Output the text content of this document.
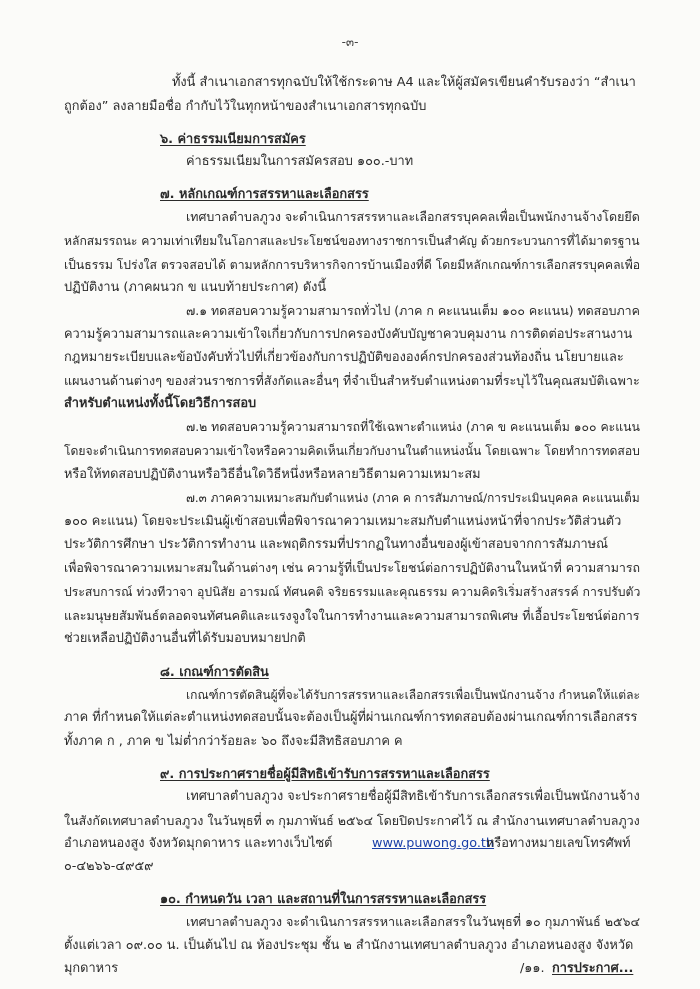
-๓-
ทั้งนี้ สำเนาเอกสารทุกฉบับให้ใช้กระดาษ A4 และให้ผู้สมัครเขียนคำรับรองว่า “สำเนา
ถูกต้อง” ลงลายมือชื่อ กำกับไว้ในทุกหน้าของสำเนาเอกสารทุกฉบับ
๖. ค่าธรรมเนียมการสมัคร
ค่าธรรมเนียมในการสมัครสอบ ๑๐๐.-บาท
๗. หลักเกณฑ์การสรรหาและเลือกสรร
เทศบาลตำบลภูวง จะดำเนินการสรรหาและเลือกสรรบุคคลเพื่อเป็นพนักงานจ้างโดยยึด
หลักสมรรถนะ ความเท่าเทียมในโอกาสและประโยชน์ของทางราชการเป็นสำคัญ ด้วยกระบวนการที่ได้มาตรฐาน
เป็นธรรม โปร่งใส ตรวจสอบได้ ตามหลักการบริหารกิจการบ้านเมืองที่ดี โดยมีหลักเกณฑ์การเลือกสรรบุคคลเพื่อ
ปฏิบัติงาน (ภาคผนวก ข แนบท้ายประกาศ) ดังนี้
๗.๑ ทดสอบความรู้ความสามารถทั่วไป (ภาค ก คะแนนเต็ม ๑๐๐ คะแนน) ทดสอบภาค
ความรู้ความสามารถและความเข้าใจเกี่ยวกับการปกครองบังคับบัญชาควบคุมงาน การติดต่อประสานงาน
กฎหมายระเบียบและข้อบังคับทั่วไปที่เกี่ยวข้องกับการปฏิบัติขององค์กรปกครองส่วนท้องถิ่น นโยบายและ
แผนงานด้านต่างๆ ของส่วนราชการที่สังกัดและอื่นๆ ที่จำเป็นสำหรับตำแหน่งตามที่ระบุไว้ในคุณสมบัติเฉพาะ
สำหรับตำแหน่งทั้งนี้โดยวิธีการสอบ
๗.๒ ทดสอบความรู้ความสามารถที่ใช้เฉพาะตำแหน่ง (ภาค ข คะแนนเต็ม ๑๐๐ คะแนน
โดยจะดำเนินการทดสอบความเข้าใจหรือความคิดเห็นเกี่ยวกับงานในตำแหน่งนั้น โดยเฉพาะ โดยทำการทดสอบ
หรือให้ทดสอบปฏิบัติงานหรือวิธีอื่นใดวิธีหนึ่งหรือหลายวิธีตามความเหมาะสม
๗.๓ ภาคความเหมาะสมกับตำแหน่ง (ภาค ค การสัมภาษณ์/การประเมินบุคคล คะแนนเต็ม
๑๐๐ คะแนน) โดยจะประเมินผู้เข้าสอบเพื่อพิจารณาความเหมาะสมกับตำแหน่งหน้าที่จากประวัติส่วนตัว
ประวัติการศึกษา ประวัติการทำงาน และพฤติกรรมที่ปรากฏในทางอื่นของผู้เข้าสอบจากการสัมภาษณ์
เพื่อพิจารณาความเหมาะสมในด้านต่างๆ เช่น ความรู้ที่เป็นประโยชน์ต่อการปฏิบัติงานในหน้าที่ ความสามารถ
ประสบการณ์ ท่วงทีวาจา อุปนิสัย อารมณ์ ทัศนคติ จริยธรรมและคุณธรรม ความคิดริเริ่มสร้างสรรค์ การปรับตัว
และมนุษยสัมพันธ์ตลอดจนทัศนคติและแรงจูงใจในการทำงานและความสามารถพิเศษ ที่เอื้อประโยชน์ต่อการ
ช่วยเหลือปฏิบัติงานอื่นที่ได้รับมอบหมายปกติ
๘. เกณฑ์การตัดสิน
เกณฑ์การตัดสินผู้ที่จะได้รับการสรรหาและเลือกสรรเพื่อเป็นพนักงานจ้าง กำหนดให้แต่ละ
ภาค ที่กำหนดให้แต่ละตำแหน่งทดสอบนั้นจะต้องเป็นผู้ที่ผ่านเกณฑ์การทดสอบต้องผ่านเกณฑ์การเลือกสรร
ทั้งภาค ก , ภาค ข ไม่ต่ำกว่าร้อยละ ๖๐ ถึงจะมีสิทธิสอบภาค ค
๙. การประกาศรายชื่อผู้มีสิทธิเข้ารับการสรรหาและเลือกสรร
เทศบาลตำบลภูวง จะประกาศรายชื่อผู้มีสิทธิเข้ารับการเลือกสรรเพื่อเป็นพนักงานจ้าง
ในสังกัดเทศบาลตำบลภูวง ในวันพุธที่ ๓ กุมภาพันธ์ ๒๕๖๔ โดยปิดประกาศไว้ ณ สำนักงานเทศบาลตำบลภูวง
อำเภอหนองสูง จังหวัดมุกดาหาร และทางเว็บไซต์	www.puwong.go.th
หรือทางหมายเลขโทรศัพท์
๐-๔๒๖๖-๔๙๕๙
๑๐. กำหนดวัน เวลา และสถานที่ในการสรรหาและเลือกสรร
เทศบาลตำบลภูวง จะดำเนินการสรรหาและเลือกสรรในวันพุธที่ ๑๐ กุมภาพันธ์ ๒๕๖๔
ตั้งแต่เวลา ๐๙.๐๐ น. เป็นต้นไป ณ ห้องประชุม ชั้น ๒ สำนักงานเทศบาลตำบลภูวง อำเภอหนองสูง จังหวัด
มุกดาหาร	/๑๑. การประกาศ...
